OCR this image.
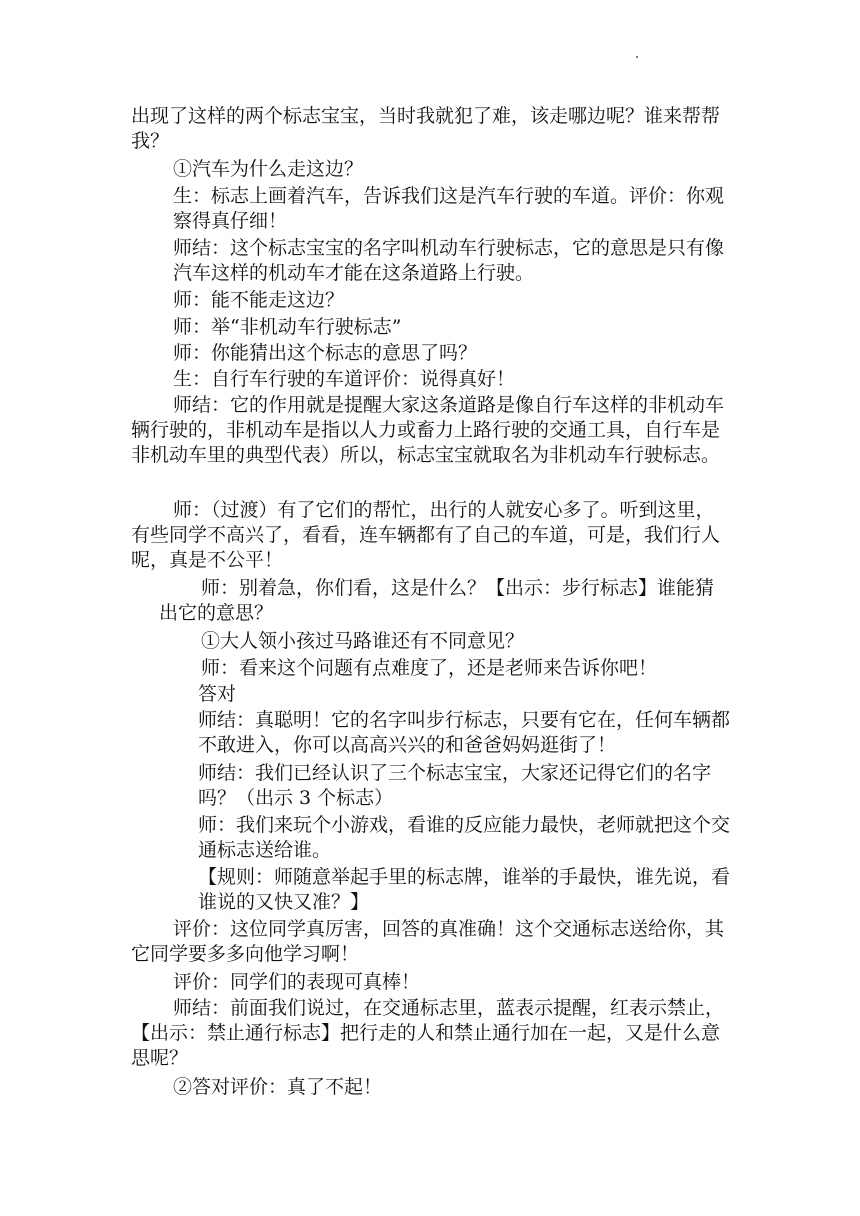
出现了这样的两个标志宝宝，当时我就犯了难，该走哪边呢？谁来帮帮我？

①汽车为什么走这边？

生：标志上画着汽车，告诉我们这是汽车行驶的车道。评价：你观察得真仔细！

师结：这个标志宝宝的名字叫机动车行驶标志，它的意思是只有像汽车这样的机动车才能在这条道路上行驶。

师：能不能走这边？

师：举“非机动车行驶标志”

师：你能猜出这个标志的意思了吗？

生：自行车行驶的车道评价：说得真好！

师结：它的作用就是提醒大家这条道路是像自行车这样的非机动车辆行驶的，非机动车是指以人力或畜力上路行驶的交通工具，自行车是非机动车里的典型代表）所以，标志宝宝就取名为非机动车行驶标志。

师：（过渡）有了它们的帮忙，出行的人就安心多了。听到这里，有些同学不高兴了，看看，连车辆都有了自己的车道，可是，我们行人呢，真是不公平！

师：别着急，你们看，这是什么？【出示：步行标志】谁能猜出它的意思？

①大人领小孩过马路谁还有不同意见？

师：看来这个问题有点难度了，还是老师来告诉你吧！

答对

师结：真聪明！它的名字叫步行标志，只要有它在，任何车辆都不敢进入，你可以高高兴兴的和爸爸妈妈逛街了！

师结：我们已经认识了三个标志宝宝，大家还记得它们的名字吗？（出示 3 个标志）

师：我们来玩个小游戏，看谁的反应能力最快，老师就把这个交通标志送给谁。

【规则：师随意举起手里的标志牌，谁举的手最快，谁先说，看谁说的又快又准？】

评价：这位同学真厉害，回答的真准确！这个交通标志送给你，其它同学要多多向他学习啊！

评价：同学们的表现可真棒！

师结：前面我们说过，在交通标志里，蓝表示提醒，红表示禁止，【出示：禁止通行标志】把行走的人和禁止通行加在一起，又是什么意思呢？

②答对评价：真了不起！
